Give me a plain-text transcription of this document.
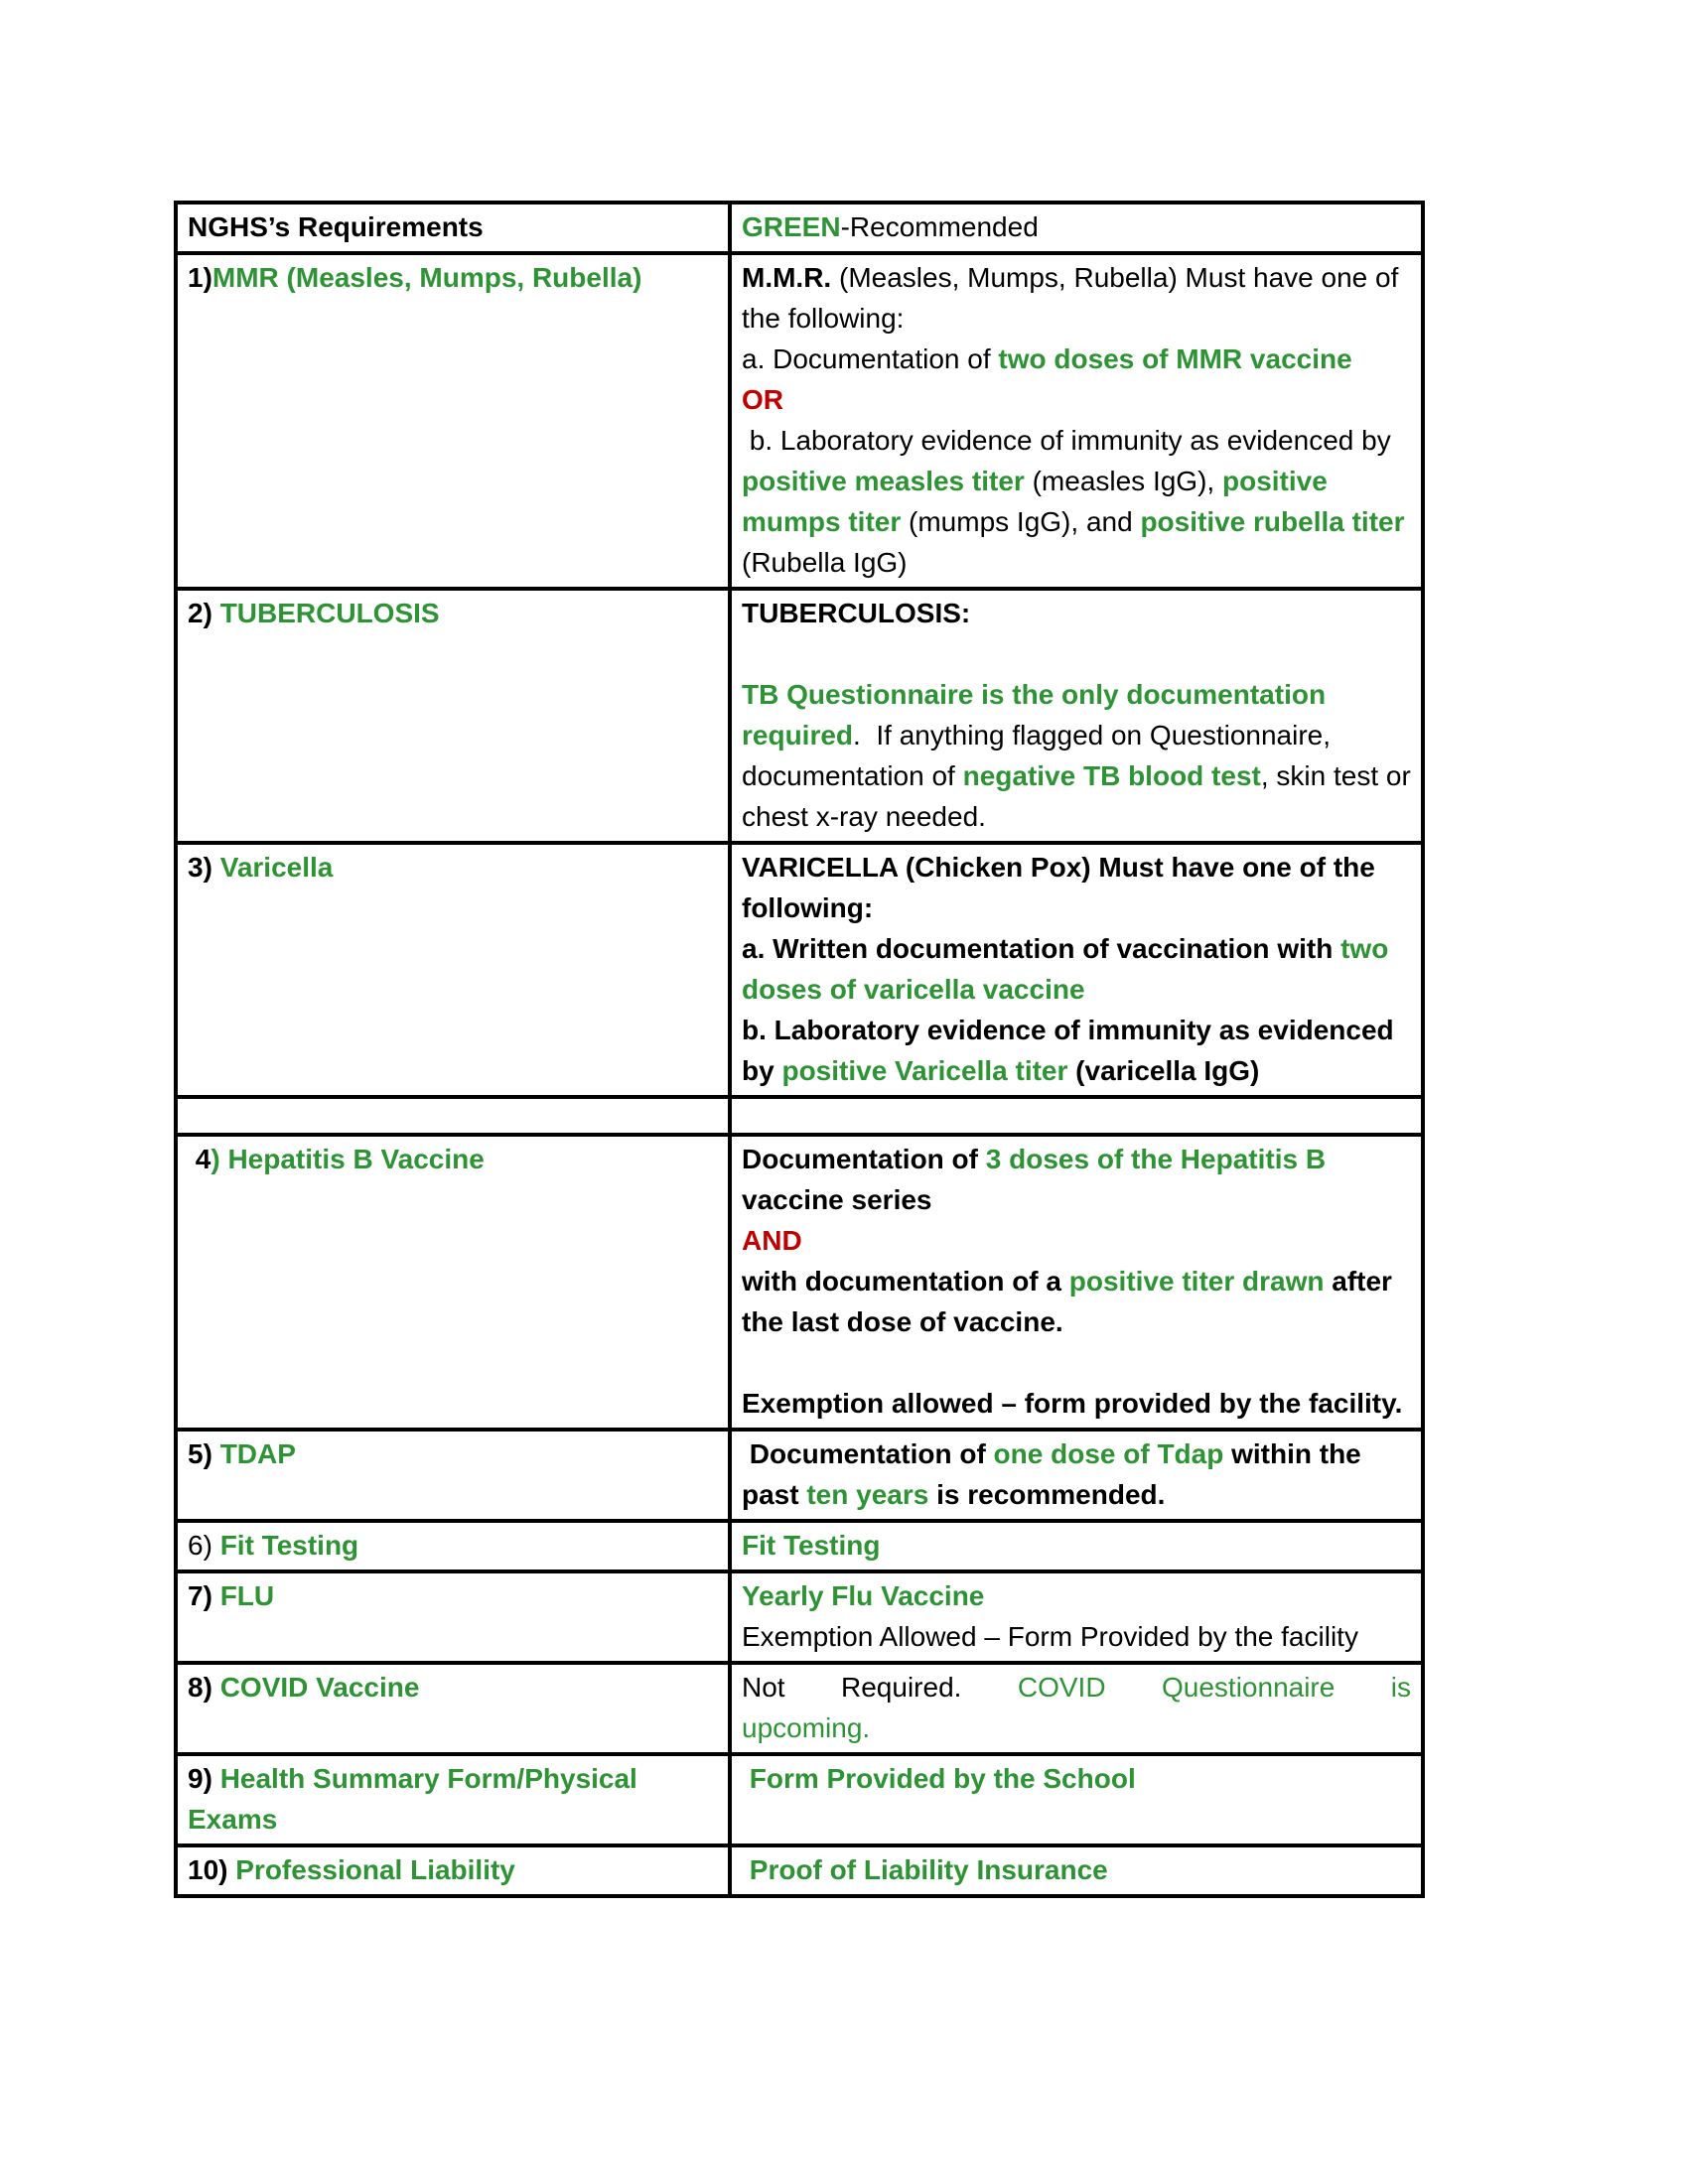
NGHS’s Requirements	GREEN-Recommended

1)MMR (Measles, Mumps, Rubella)	M.M.R. (Measles, Mumps, Rubella) Must have one of the following:

a. Documentation of two doses of MMR vaccine

OR

b. Laboratory evidence of immunity as evidenced by positive measles titer (measles IgG), positive mumps titer (mumps IgG), and positive rubella titer (Rubella IgG)

2) TUBERCULOSIS	TUBERCULOSIS:

TB Questionnaire is the only documentation required.  If anything flagged on Questionnaire, documentation of negative TB blood test, skin test or chest x-ray needed.

3) Varicella	VARICELLA (Chicken Pox) Must have one of the following:

a. Written documentation of vaccination with two doses of varicella vaccine

b. Laboratory evidence of immunity as evidenced by positive Varicella titer (varicella IgG)

4) Hepatitis B Vaccine	Documentation of 3 doses of the Hepatitis B vaccine series

AND

with documentation of a positive titer drawn after the last dose of vaccine.

Exemption allowed – form provided by the facility.

5) TDAP	Documentation of one dose of Tdap within the past ten years is recommended.

6) Fit Testing	Fit Testing

7) FLU	Yearly Flu Vaccine

Exemption Allowed – Form Provided by the facility

8) COVID Vaccine	Not Required. COVID Questionnaire is

upcoming.

9) Health Summary Form/Physical Exams	Form Provided by the School

10) Professional Liability	Proof of Liability Insurance
